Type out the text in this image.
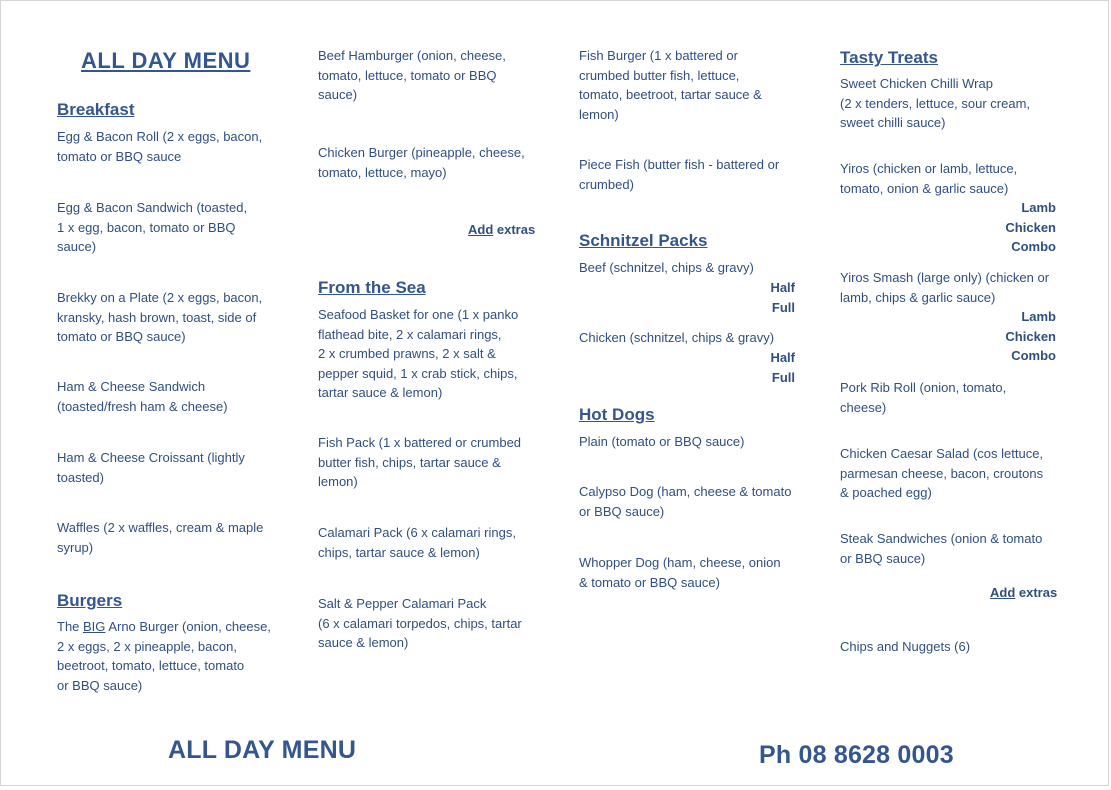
ALL DAY MENU
Breakfast
Egg & Bacon Roll (2 x eggs, bacon,
tomato or BBQ sauce
Egg & Bacon Sandwich (toasted,
1 x egg, bacon, tomato or BBQ
sauce)
Brekky on a Plate (2 x eggs, bacon,
kransky, hash brown, toast, side of
tomato or BBQ sauce)
Ham & Cheese Sandwich
(toasted/fresh ham & cheese)
Ham & Cheese Croissant (lightly
toasted)
Waffles (2 x waffles, cream & maple
syrup)
Burgers
The BIG Arno Burger (onion, cheese,
2 x eggs, 2 x pineapple, bacon,
beetroot, tomato, lettuce, tomato
or BBQ sauce)
Beef Hamburger (onion, cheese,
tomato, lettuce, tomato or BBQ
sauce)
Chicken Burger (pineapple, cheese,
tomato, lettuce, mayo)
Add extras
From the Sea
Seafood Basket for one (1 x panko
flathead bite, 2 x calamari rings,
2 x crumbed prawns, 2 x salt &
pepper squid, 1 x crab stick, chips,
tartar sauce & lemon)
Fish Pack (1 x battered or crumbed
butter fish, chips, tartar sauce &
lemon)
Calamari Pack (6 x calamari rings,
chips, tartar sauce & lemon)
Salt & Pepper Calamari Pack
(6 x calamari torpedos, chips, tartar
sauce & lemon)
Fish Burger (1 x battered or
crumbed butter fish, lettuce,
tomato, beetroot, tartar sauce &
lemon)
Piece Fish (butter fish - battered or
crumbed)
Schnitzel Packs
Beef (schnitzel, chips & gravy)
Half
Full
Chicken (schnitzel, chips & gravy)
Half
Full
Hot Dogs
Plain (tomato or BBQ sauce)
Calypso Dog (ham, cheese & tomato
or BBQ sauce)
Whopper Dog (ham, cheese, onion
& tomato or BBQ sauce)
Tasty Treats
Sweet Chicken Chilli Wrap
(2 x tenders, lettuce, sour cream,
sweet chilli sauce)
Yiros (chicken or lamb, lettuce,
tomato, onion & garlic sauce)
Lamb
Chicken
Combo
Yiros Smash (large only) (chicken or
lamb, chips & garlic sauce)
Lamb
Chicken
Combo
Pork Rib Roll (onion, tomato,
cheese)
Chicken Caesar Salad (cos lettuce,
parmesan cheese, bacon, croutons
& poached egg)
Steak Sandwiches (onion & tomato
or BBQ sauce)
Add extras
Chips and Nuggets (6)
ALL DAY MENU	Ph 08 8628 0003
